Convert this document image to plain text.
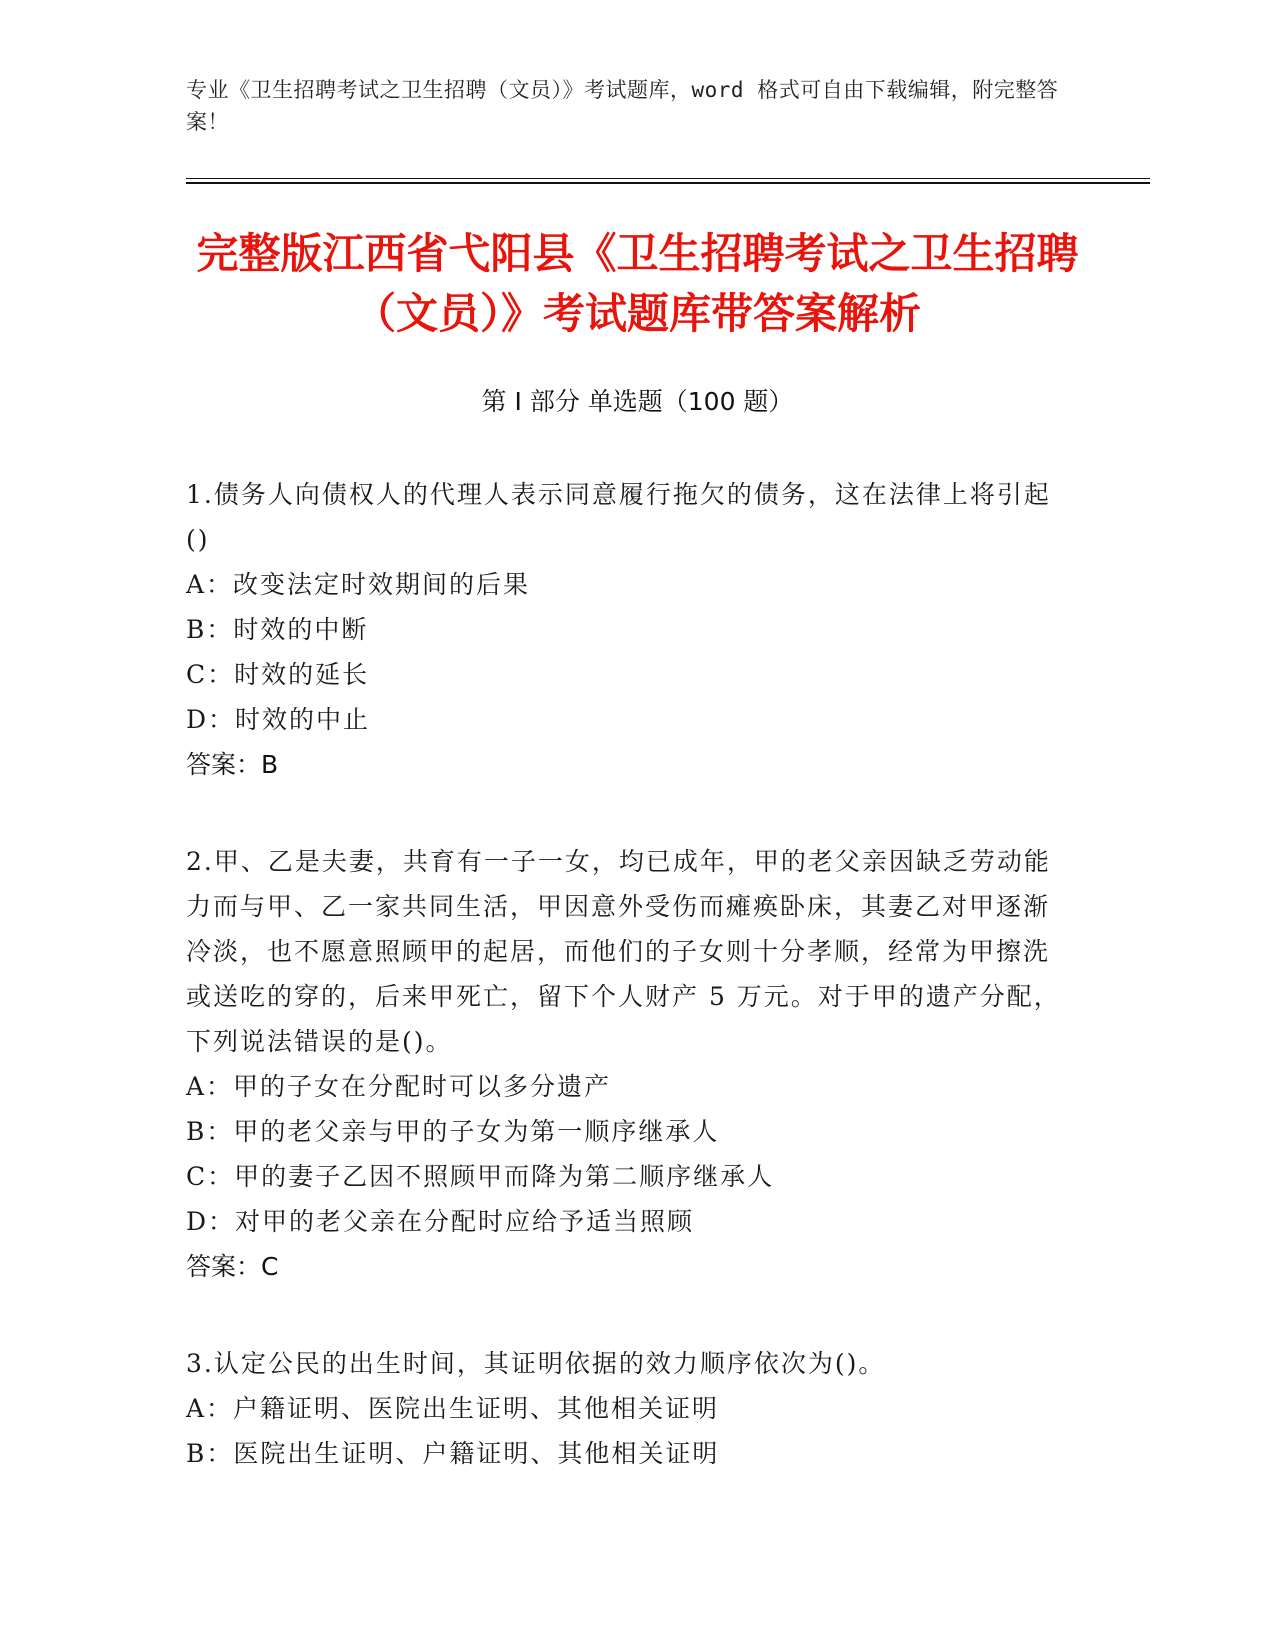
专业《卫生招聘考试之卫生招聘（文员）》考试题库，word 格式可自由下载编辑，附完整答案！
完整版江西省弋阳县《卫生招聘考试之卫生招聘（文员）》考试题库带答案解析
第 I 部分 单选题（100 题）
1.债务人向债权人的代理人表示同意履行拖欠的债务，这在法律上将引起()
A：改变法定时效期间的后果
B：时效的中断
C：时效的延长
D：时效的中止
答案：B
2.甲、乙是夫妻，共育有一子一女，均已成年，甲的老父亲因缺乏劳动能力而与甲、乙一家共同生活，甲因意外受伤而瘫痪卧床，其妻乙对甲逐渐冷淡，也不愿意照顾甲的起居，而他们的子女则十分孝顺，经常为甲擦洗或送吃的穿的，后来甲死亡，留下个人财产 5 万元。对于甲的遗产分配，下列说法错误的是()。
A：甲的子女在分配时可以多分遗产
B：甲的老父亲与甲的子女为第一顺序继承人
C：甲的妻子乙因不照顾甲而降为第二顺序继承人
D：对甲的老父亲在分配时应给予适当照顾
答案：C
3.认定公民的出生时间，其证明依据的效力顺序依次为()。
A：户籍证明、医院出生证明、其他相关证明
B：医院出生证明、户籍证明、其他相关证明
